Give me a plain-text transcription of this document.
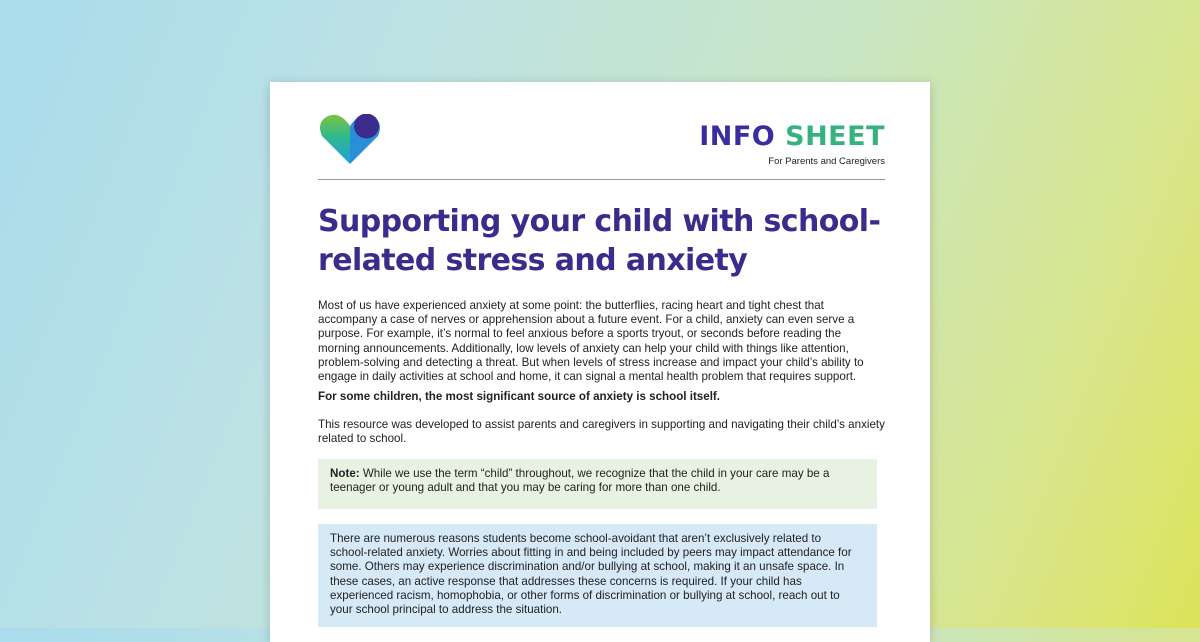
INFO SHEET
For Parents and Caregivers
Supporting your child with school-related stress and anxiety

Most of us have experienced anxiety at some point: the butterflies, racing heart and tight chest that accompany a case of nerves or apprehension about a future event. For a child, anxiety can even serve a purpose. For example, it’s normal to feel anxious before a sports tryout, or seconds before reading the morning announcements. Additionally, low levels of anxiety can help your child with things like attention, problem-solving and detecting a threat. But when levels of stress increase and impact your child’s ability to engage in daily activities at school and home, it can signal a mental health problem that requires support.

For some children, the most significant source of anxiety is school itself.

This resource was developed to assist parents and caregivers in supporting and navigating their child’s anxiety related to school.

Note: While we use the term “child” throughout, we recognize that the child in your care may be a teenager or young adult and that you may be caring for more than one child.
There are numerous reasons students become school-avoidant that aren’t exclusively related to school-related anxiety. Worries about fitting in and being included by peers may impact attendance for some. Others may experience discrimination and/or bullying at school, making it an unsafe space. In these cases, an active response that addresses these concerns is required. If your child has experienced racism, homophobia, or other forms of discrimination or bullying at school, reach out to your school principal to address the situation.
